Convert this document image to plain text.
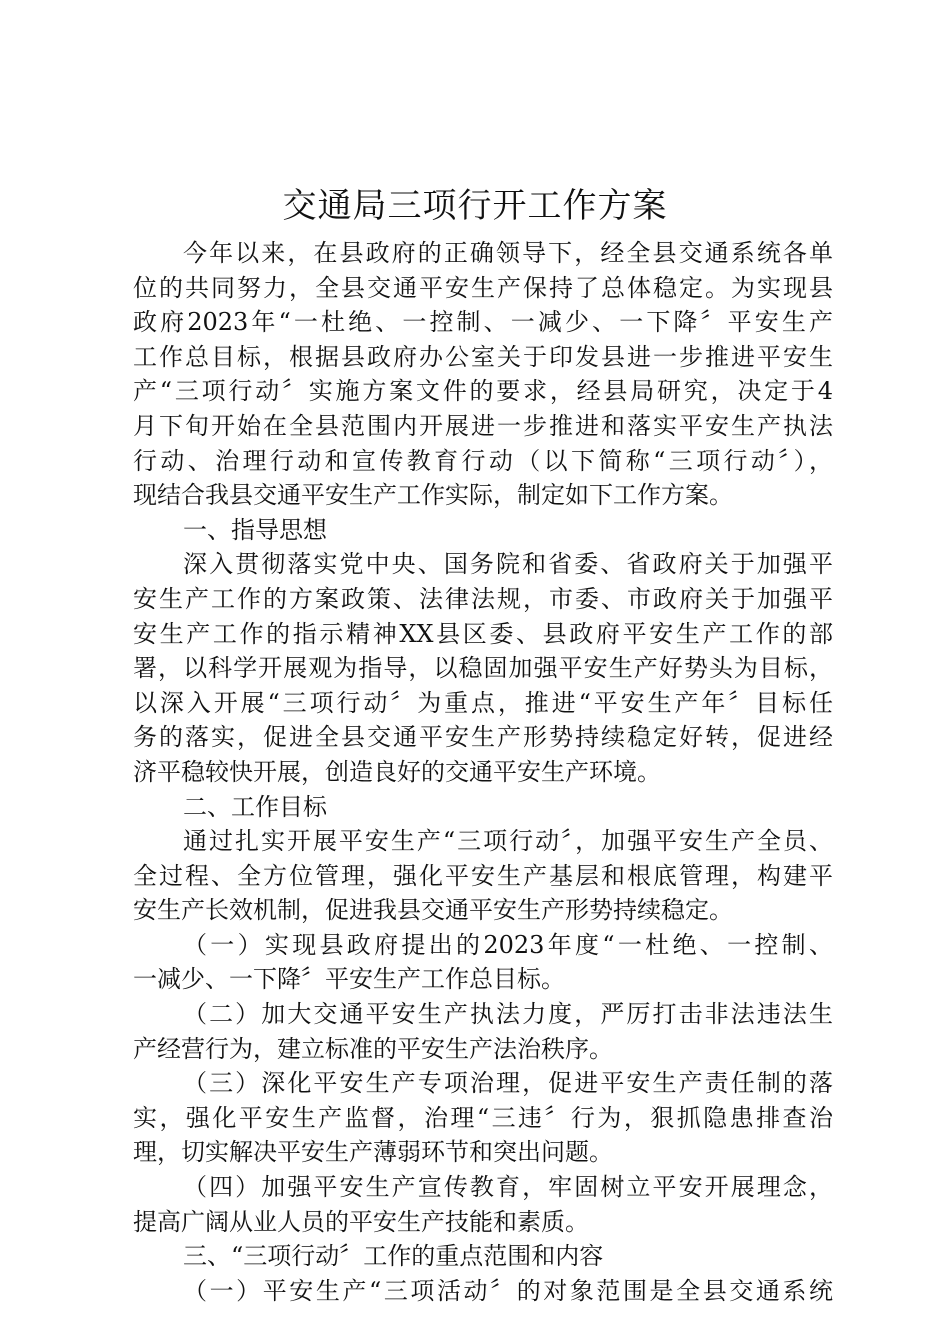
交通局三项行开工作方案
今年以来，在县政府的正确领导下，经全县交通系统各单
位的共同努力，全县交通平安生产保持了总体稳定。为实现县
政府2023年“一杜绝、一控制、一减少、一下降〞平安生产
工作总目标，根据县政府办公室关于印发县进一步推进平安生
产“三项行动〞实施方案文件的要求，经县局研究，决定于4
月下旬开始在全县范围内开展进一步推进和落实平安生产执法
行动、治理行动和宣传教育行动（以下简称“三项行动〞），
现结合我县交通平安生产工作实际，制定如下工作方案。
一、指导思想
深入贯彻落实党中央、国务院和省委、省政府关于加强平
安生产工作的方案政策、法律法规，市委、市政府关于加强平
安生产工作的指示精神XX县区委、县政府平安生产工作的部
署，以科学开展观为指导，以稳固加强平安生产好势头为目标，
以深入开展“三项行动〞为重点，推进“平安生产年〞目标任
务的落实，促进全县交通平安生产形势持续稳定好转，促进经
济平稳较快开展，创造良好的交通平安生产环境。
二、工作目标
通过扎实开展平安生产“三项行动〞，加强平安生产全员、
全过程、全方位管理，强化平安生产基层和根底管理，构建平
安生产长效机制，促进我县交通平安生产形势持续稳定。
（一）实现县政府提出的2023年度“一杜绝、一控制、
一减少、一下降〞平安生产工作总目标。
（二）加大交通平安生产执法力度，严厉打击非法违法生
产经营行为，建立标准的平安生产法治秩序。
（三）深化平安生产专项治理，促进平安生产责任制的落
实，强化平安生产监督，治理“三违〞行为，狠抓隐患排查治
理，切实解决平安生产薄弱环节和突出问题。
（四）加强平安生产宣传教育，牢固树立平安开展理念，
提高广阔从业人员的平安生产技能和素质。
三、“三项行动〞工作的重点范围和内容
（一）平安生产“三项活动〞的对象范围是全县交通系统
